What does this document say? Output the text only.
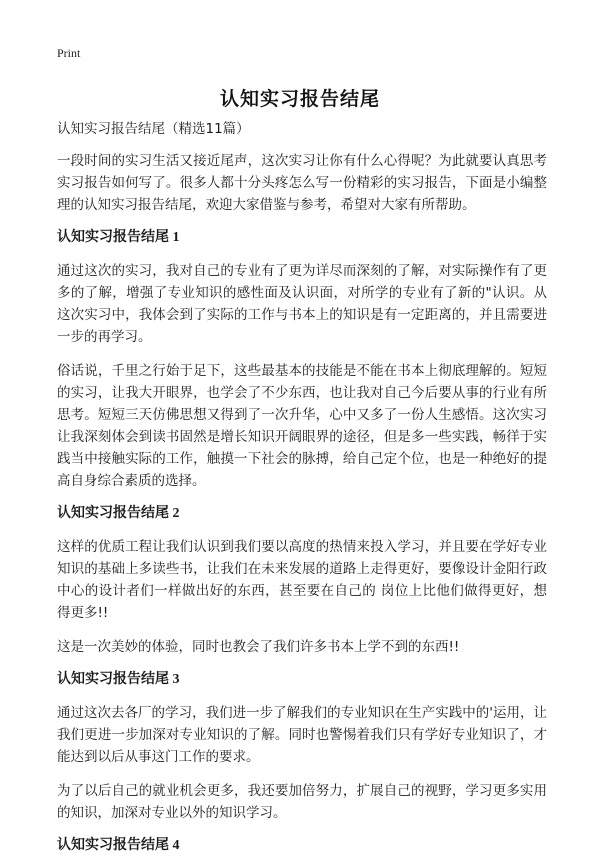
Print
认知实习报告结尾
认知实习报告结尾（精选11篇）

一段时间的实习生活又接近尾声，这次实习让你有什么心得呢？为此就要认真思考实习报告如何写了。很多人都十分头疼怎么写一份精彩的实习报告，下面是小编整理的认知实习报告结尾，欢迎大家借鉴与参考，希望对大家有所帮助。

认知实习报告结尾 1

通过这次的实习，我对自己的专业有了更为详尽而深刻的了解，对实际操作有了更多的了解，增强了专业知识的感性面及认识面，对所学的专业有了新的"认识。从这次实习中，我体会到了实际的工作与书本上的知识是有一定距离的，并且需要进一步的再学习。

俗话说，千里之行始于足下，这些最基本的技能是不能在书本上彻底理解的。短短的实习，让我大开眼界，也学会了不少东西，也让我对自己今后要从事的行业有所思考。短短三天仿佛思想又得到了一次升华，心中又多了一份人生感悟。这次实习让我深刻体会到读书固然是增长知识开阔眼界的途径，但是多一些实践，畅徉于实践当中接触实际的工作，触摸一下社会的脉搏，给自己定个位，也是一种绝好的提高自身综合素质的选择。

认知实习报告结尾 2

这样的优质工程让我们认识到我们要以高度的热情来投入学习，并且要在学好专业知识的基础上多读些书，让我们在未来发展的道路上走得更好，要像设计金阳行政中心的设计者们一样做出好的东西，甚至要在自己的 岗位上比他们做得更好，想得更多!!

这是一次美妙的体验，同时也教会了我们许多书本上学不到的东西!!

认知实习报告结尾 3

通过这次去各厂的学习，我们进一步了解我们的专业知识在生产实践中的'运用，让我们更进一步加深对专业知识的了解。同时也警惕着我们只有学好专业知识了，才能达到以后从事这门工作的要求。

为了以后自己的就业机会更多，我还要加倍努力，扩展自己的视野，学习更多实用的知识，加深对专业以外的知识学习。

认知实习报告结尾 4
